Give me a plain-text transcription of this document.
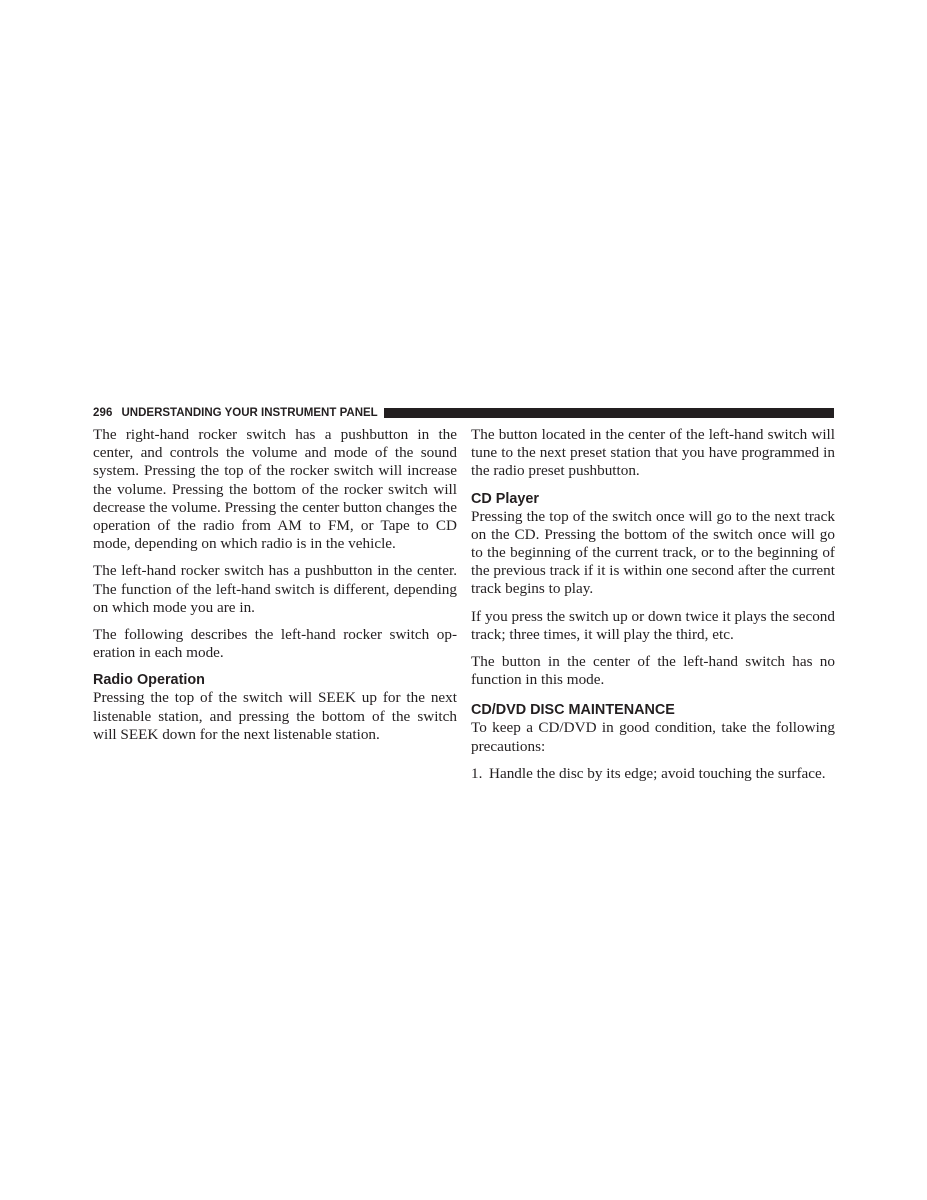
296 UNDERSTANDING YOUR INSTRUMENT PANEL

The right-hand rocker switch has a pushbutton in the center, and controls the volume and mode of the sound system. Pressing the top of the rocker switch will increase the volume. Pressing the bottom of the rocker switch will decrease the volume. Pressing the center button changes the operation of the radio from AM to FM, or Tape to CD mode, depending on which radio is in the vehicle.

The left-hand rocker switch has a pushbutton in the center. The function of the left-hand switch is different, depending on which mode you are in.

The following describes the left-hand rocker switch operation in each mode.

Radio Operation

Pressing the top of the switch will SEEK up for the next listenable station, and pressing the bottom of the switch will SEEK down for the next listenable station.

The button located in the center of the left-hand switch will tune to the next preset station that you have programmed in the radio preset pushbutton.

CD Player

Pressing the top of the switch once will go to the next track on the CD. Pressing the bottom of the switch once will go to the beginning of the current track, or to the beginning of the previous track if it is within one second after the current track begins to play.

If you press the switch up or down twice it plays the second track; three times, it will play the third, etc.

The button in the center of the left-hand switch has no function in this mode.

CD/DVD DISC MAINTENANCE

To keep a CD/DVD in good condition, take the following precautions:

1. Handle the disc by its edge; avoid touching the surface.
